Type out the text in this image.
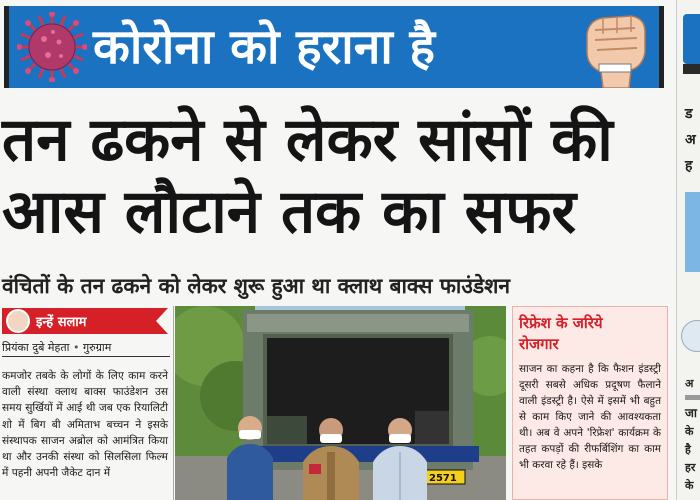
कोरोना को हराना है
ड
अ
ह
अ
जा
के
है
हर
के
तन ढकने से लेकर सांसों की
आस लौटाने तक का सफर
वंचितों के तन ढकने को लेकर शुरू हुआ था क्लाथ बाक्स फाउंडेशन
इन्हें सलाम
प्रियंका दुबे मेहता • गुरुग्राम
कमजोर तबके के लोगों के लिए काम करने वाली संस्था क्लाथ बाक्स फाउंडेशन उस समय सुर्खियों में आई थी जब एक रियालिटी शो में बिग बी अमिताभ बच्चन ने इसके संस्थापक साजन अब्रोल को आमंत्रित किया था और उनकी संस्था को सिलसिला फिल्म में पहनी अपनी जैकेट दान में	2571
रिफ्रेश के जरिये
रोजगार
साजन का कहना है कि फैशन इंडस्ट्री दूसरी सबसे अधिक प्रदूषण फैलाने वाली इंडस्ट्री है। ऐसे में इसमें भी बहुत से काम किए जाने की आवश्यकता थी। अब वे अपने 'रिफ्रेश' कार्यक्रम के तहत कपड़ों की रीफर्बिशिंग का काम भी करवा रहे हैं। इसके
